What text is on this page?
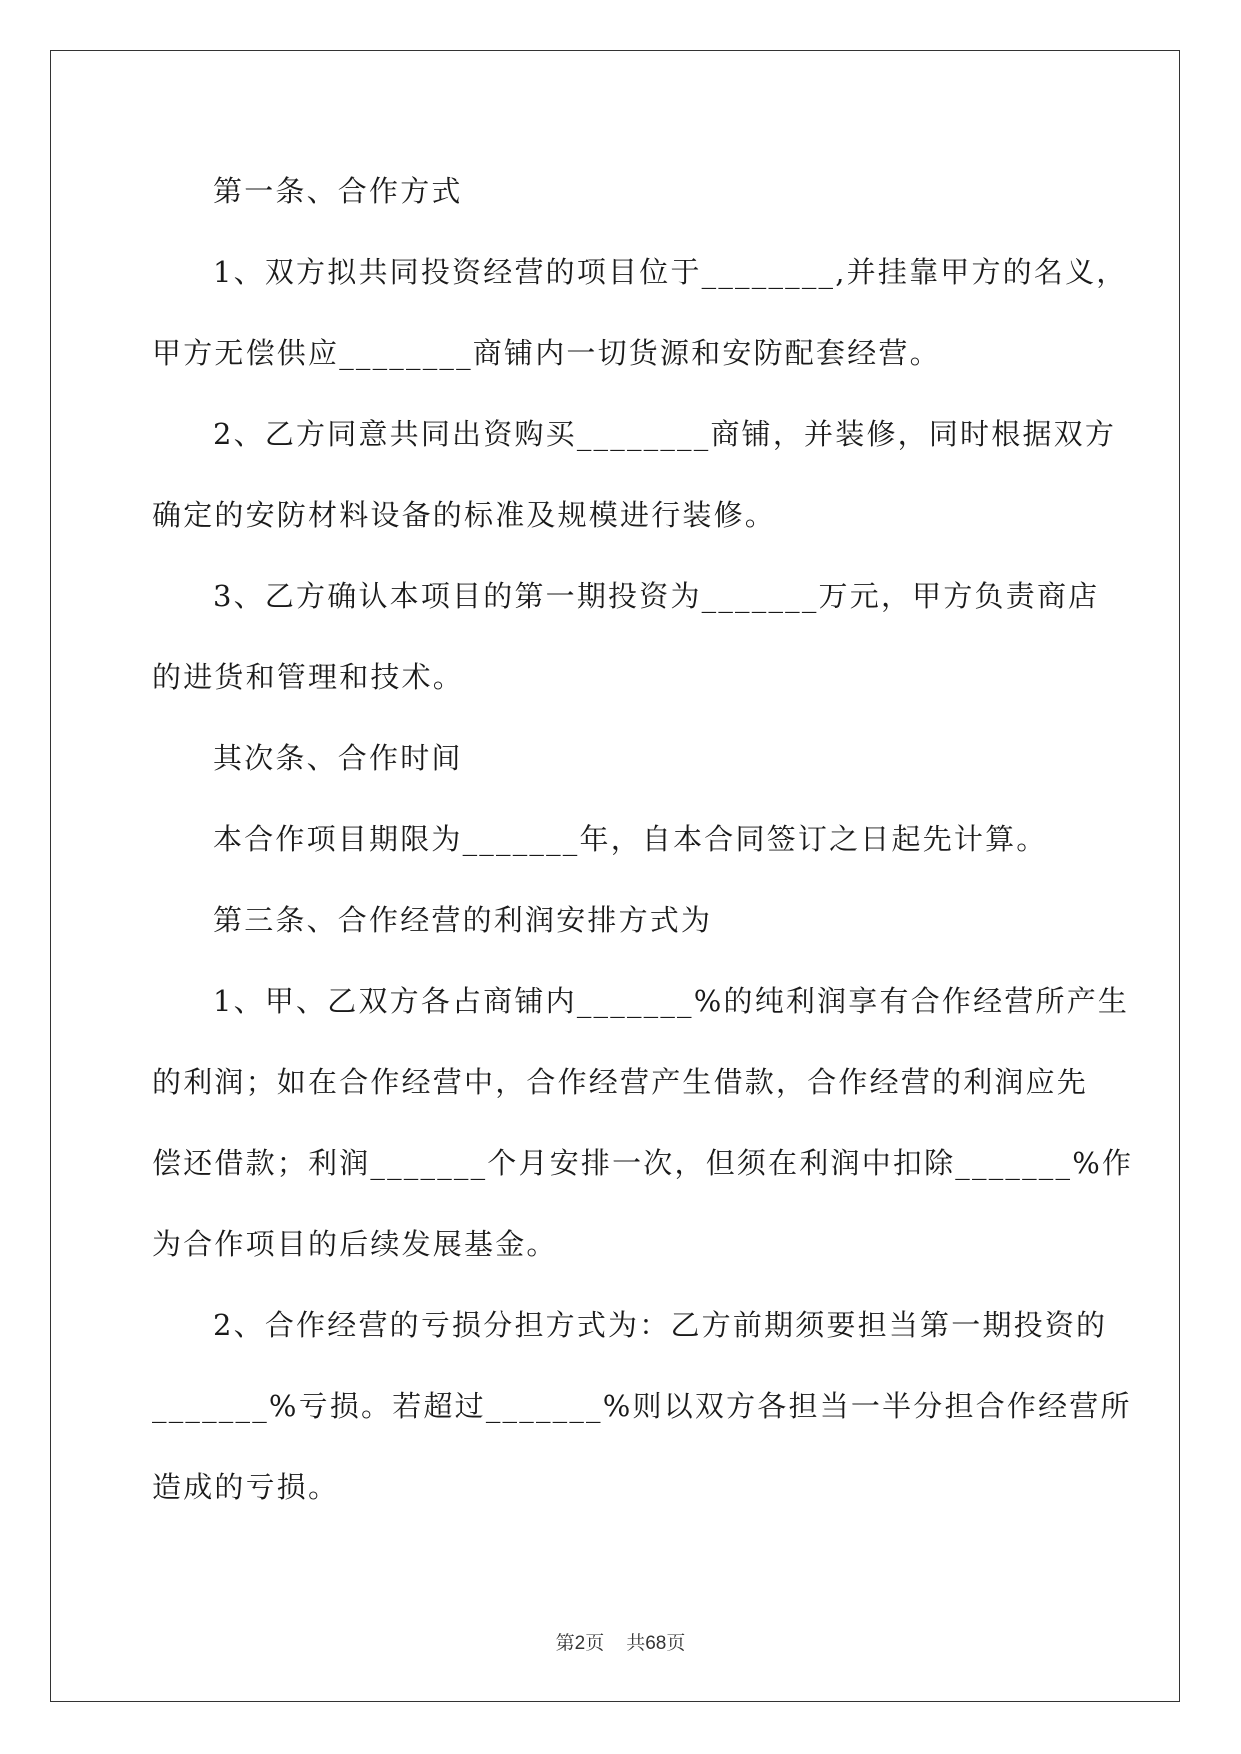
第一条、合作方式
1、双方拟共同投资经营的项目位于________,并挂靠甲方的名义，
甲方无偿供应________商铺内一切货源和安防配套经营。
2、乙方同意共同出资购买________商铺，并装修，同时根据双方
确定的安防材料设备的标准及规模进行装修。
3、乙方确认本项目的第一期投资为_______万元，甲方负责商店
的进货和管理和技术。
其次条、合作时间
本合作项目期限为_______年，自本合同签订之日起先计算。
第三条、合作经营的利润安排方式为
1、甲、乙双方各占商铺内_______%的纯利润享有合作经营所产生
的利润；如在合作经营中，合作经营产生借款，合作经营的利润应先
偿还借款；利润_______个月安排一次，但须在利润中扣除_______%作
为合作项目的后续发展基金。
2、合作经营的亏损分担方式为：乙方前期须要担当第一期投资的
_______%亏损。若超过_______%则以双方各担当一半分担合作经营所
造成的亏损。
第2页 共68页
